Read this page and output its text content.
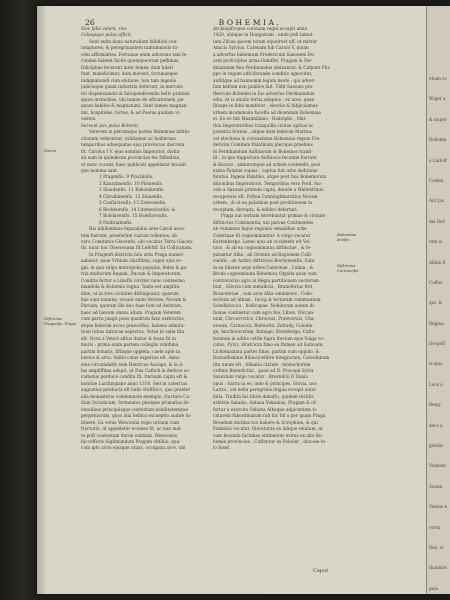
26	BOHEMIA.
Sive fallo valent, sive
Calaupque pulsa afficit.
Sunt enim dona naturalium fallidioli con-
temptores, & peregrinantem tantummodo lu-
cem affirmantes. Fortunae enim adversae tam fe-
cundae habent facile quemqueorum peflimas,
Diliciphus fecerunt inter femes; dum hilari
funt, maledicimur, dum movent, fortunaeque
indignabundi cum elatione, non tam ingenio
judicioque quam industria deferunt, in mercati-
rio dispensiandis & faliopendivendis bello primum
quam invincibus, ubi tamen de aflicationem, pe-
quam habiles & magnanimi. Sunt tamen magnan-
imi, hospitales, fortes, & ad Poetas quidam vi-
ventes.
Servunt pax pulsa Bohemi.
Veterem in plerumque partes Bohemiae dditin-
ctionem referuntur, validamen ac hodiernas
temporibus adaequatas ejus provincias discreta
fit. Carolus I V. ejus nominis Imperator, distin-
xit eam in quindecim provincias fex Difteiltas,
ut nunc vocant; haec publicati appellatur hocalit
que nomina sunt.
1 Pragenfis. 9 Pracbinfis.
2 Kaurzimenfis. 10 Pilsnenfis.
3 Slaudenfis. 11 Rakonikenfis.
4 Chrudimenfis. 12 Slanenfis.
5 Czaflavienfis. 13 Zateczenfis.
6 Beckinenfis. 14 Litomericenfis. &
7 Bolelavenfis. 15 Bolefiavenfis.
8 Podbradenfis.
His nihilominus feparabilis ante Caroli aeva-
tem fuerunt, praefertim viarum tollentes, ab
vero Comitatus Glacenfis, ubi vocatur Terra Glacen-
fis, nunc hoc Dioecesana fit Lefeltif, Ex Collicanam.
In Pragenfi districtu fola urbs Praga numer-
aabatur, quae Vrbium clariflima, caput ejus re-
gni, in qua vulgo metropolis populus, fedes & pa-
tria multorum Regum, Ducum & Imperatorum.
Condita fertur a Libuffa circiter nono centesimo
manifola & Bohemia regna. Tanta est amplitu-
dine, ut in tres civitates diftinguatur, quarum
hae sunt nomina, vocant enim Veteres, Novam &
Parvam, quorum ille duo fuae funt ad dextram,
haec ad laevam omnis alium. Pragam Veterem
cum parva jungit pons quadrum faxo exftructus,
atque fedecim arcus praecelfus, habens admira-
tioni totius fabricae aspectus. Vetus in valle fita
eft. Nova a Veteri alltus duitur & fossa fit in
muris : prima enim partem collegiis vobifima,
partim donatis, fiffaque oppleta, caefe apte in
hortos & arva. Valito calus expertus eft. Anno
eius circumdabit eam Henricus Aucupe, & in il-
las ampliffima adepit, ut Dux Caflicti & deduce ac-
cumulus perduce condita fit. Iteruum capta eft &
bonitae Lucifurgiano anno 1316. Sed in caterrias
augustius perducta eft bello Huffitico, quo praeter
alia monasteria condemnata exemplo, fractura Ca-
fium Syriaticum, fortunatos plerique primarias de
fonulibus principiisque confertam nobilitatemque
perpetuorum, quos alia bellica excaeptio audire in-
itinere. Ea vetus Wenceslai regis urinam cum
fracturis, ut appelletur ecomes fit, ac non mul-
to poft contentam duren eximisti. Wenceslao
fuccefforis Sigifmundum Pragam obfidio, qua-
cum ipfo arcis ejusque atuas, occupata arce, ubi
Archiepifcopus coronam regni accepit anno
1420, ubiique in Hungariam : unde pofi tumul-
tam Zifcae pacem totum equefrest uff. ut mirror
Amicis Sylvius. Catenam fub Carolo V. quum
a adverfus habentum Fredericum Saxonem Du-
cem profcriptus arma fumiffet, Pragam & Fer-
dinandum Rex Ferdinandus abduxerat, & Cafpare Phi-
ppo in regum adfciferande conditio agnovitur,
auflitque ad bannomm legum modo : qui adver-
fum bellum non publice fuit. Vidit Saxonis pro-
fbercum Bohemis in fuo adverfus Ferdinandum
odio. At is anufio fortia adeptus , ex urse, quae
fliuxpe in fidei manfetur , electiis & fubjiciiamus
urbem incommodo faceffe ad dicendum Bohemiae
ei. Ex eo fub Maximiliano , Rudolpho , Mat-
thia Imperatoribus tranquilla civitas opibus ac
potentia florens , adque dum fedecim Martius ,
vel electione & coronatione Bohemiae regum Fre-
dericini Comitem Palatinum plerique praefens
in Ferdinandum Aufbiacum & Bohemos tranfi-
fit , in quo fupperiora Aufbiacis fecunde fuerunt
& Bavaro , admirumque ad urbem contendit, post
exitia Palatini copias , captus fuit urbs deditione
folutus. Ingens Palatino, atque post fuis Bohemorum
ditionibus Imperatoris. Temporibus vero Ferd. fuc-
cefs a Saxonis primum capta, deinde a Wallenftinio
recuperata eft. Poftea Conningfmarckius Novam
urbem , & ut ea palatinus post proditionem in
receptam, dirrepta, & edideo deferturi.
Praga aut tertium terrebuntur primae & civitate
diftinctus Continentia, uni parvae Continentes
ab veniamus hujus regionis venaliibus urbe
Caterinae fit cognominantur. A vulgo vocatur
Kuttenbergo. Lenes ejus ab occidente eft Vol-
tava , & ab ea cognominatus diftinctae , & fe-
parantur Alba , ab Oriente ad Regionem Calli-
vienfis ; ab Auftro diftrictus Bechymenfis. Sunt
in ea liberae urgo urbes Caterinae , Colina , &
Broda cognominata Bohemica Oppida quae cum
contravicino agro in Regia partitionem auctorum
funt , Gilovia cum metallicis , Branoferius fret
Branoferiae , cum arce Alba omnimore , Colle-
lectium ad Albam , fuocg & tertarum communium,
Schellatovicz , bodicapae. Nobilorum autem di-
tionae continetur cum agro fuo, Libon, Niccan-
num, Chroorvvitcz, Chroovat, Praevorwiz, Cha-
nowan, Carnavicz, Biefowitz, Zafrady, Colodie-
ge, Ancihoroczfum, Rataige, Sternberga, Cofto-
lecinum in aditis cetfie fupra fluvium ejus Vulga vo-
catus, Pylcz, Hrafcicza fimo ea flumen ad Satavam,
Lichtenazinta partes fidas, partim cum oppido, &
Dornafliskinis Bibiocicefibre integrorum, Cateufanum
fitu unum eft , Abbatia claram , monachorum
ordinis Benedictini , quod ad D. Procopii Sylva
Sazavium vulgo vocatur , Brevnifcii D Daxia
opus : Sacra in eo, inde & principes, Stovia, nos
Laitra , vel nella peregrinis lingua recepit autor
folia. Tradita his libris dimafto, quidem testific
arbitrio Satanis, Satana Vukanius, Pragam & of-
fertur a exercitu Vabana Albaque adjacentem ri-
chtarem fubordinatum fuit hic fid a per quam Praga
Broedum mutilas tuo habere & Scrophum, & qui
Prakdoiz vocatur, fiteraturas ex inlique relatum, at
cum fecunda factabas obtinentur evitus ex alto Bo-
hemie provinciae , Cuffentur ex Poholer , diocese fo-
lo fuset.
Mores.
Diftrictus Pragenfis, Praga
Bohemiae divifio.
Diftrictus Curimenfis.
Caput
etiam ec
Wiger a
& nuper
Boheme
a Ludolf
Caslen.
Aut Jus
dei Ref-
tum is
Albim fl
Coffee
qui, &
Regina
Drepelf
is ejus
Leos a
Beng-
decs a
gentiis
Vodnani
Sauna
Ventus n
vertu
Rex, vi
thanbiot
guis
